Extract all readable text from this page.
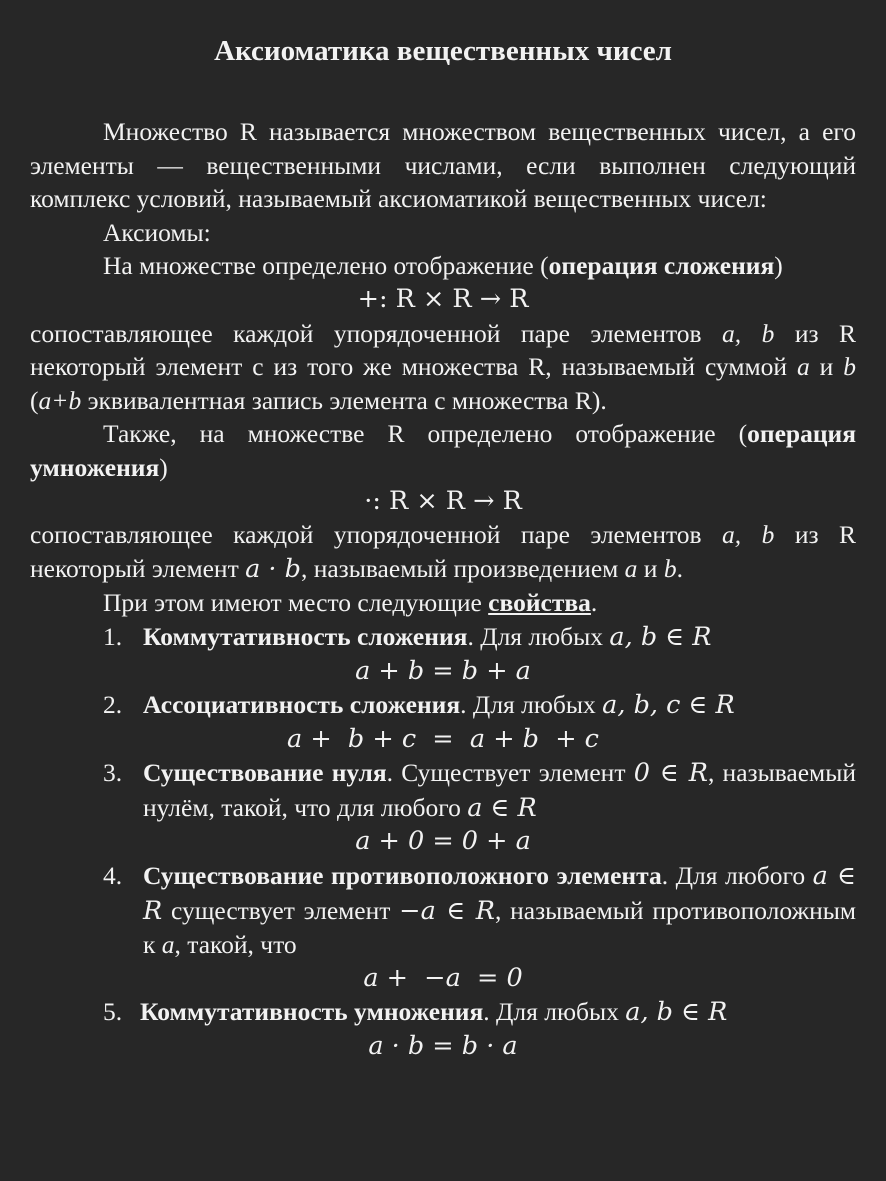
Аксиоматика вещественных чисел

Множество R называется множеством вещественных чисел, а его элементы — вещественными числами, если выполнен следующий комплекс условий, называемый аксиоматикой вещественных чисел:

Аксиомы:

На множестве определено отображение (операция сложения)

+: R × R → R

сопоставляющее каждой упорядоченной паре элементов a, b из R некоторый элемент с из того же множества R, называемый суммой a и b (a+b эквивалентная запись элемента с множества R).

Также, на множестве R определено отображение (операция умножения)

·: R × R → R

сопоставляющее каждой упорядоченной паре элементов a, b из R некоторый элемент a · b, называемый произведением a и b.

При этом имеют место следующие свойства.

1. Коммутативность сложения. Для любых a, b ∈ R

a + b = b + a

2. Ассоциативность сложения. Для любых a, b, c ∈ R

a +  b + c  =  a + b  + c

3. Существование нуля. Существует элемент 0 ∈ R, называемый нулём, такой, что для любого a ∈ R

a + 0 = 0 + a

4. Существование противоположного элемента. Для любого a ∈ R существует элемент −a ∈ R, называемый противоположным к a, такой, что

a +  −a  = 0

5. Коммутативность умножения. Для любых a, b ∈ R

a · b = b · a
